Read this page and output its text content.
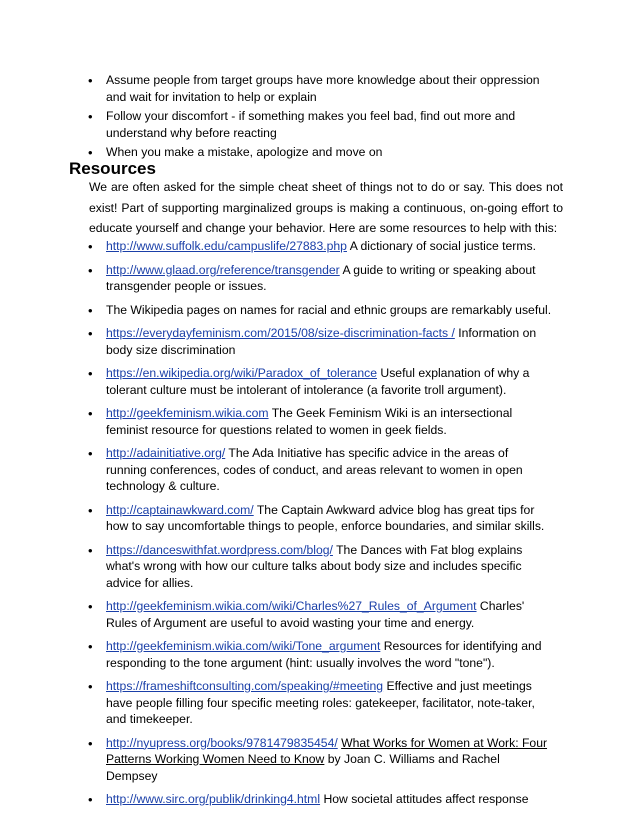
• Assume people from target groups have more knowledge about their oppression and wait for invitation to help or explain
• Follow your discomfort - if something makes you feel bad, find out more and understand why before reacting
• When you make a mistake, apologize and move on
Resources
We are often asked for the simple cheat sheet of things not to do or say. This does not exist! Part of supporting marginalized groups is making a continuous, on-going effort to educate yourself and change your behavior. Here are some resources to help with this:
• http://www.suffolk.edu/campuslife/27883.php A dictionary of social justice terms.
• http://www.glaad.org/reference/transgender A guide to writing or speaking about transgender people or issues.
• The Wikipedia pages on names for racial and ethnic groups are remarkably useful.
• https://everydayfeminism.com/2015/08/size-discrimination-facts / Information on body size discrimination
• https://en.wikipedia.org/wiki/Paradox_of_tolerance Useful explanation of why a tolerant culture must be intolerant of intolerance (a favorite troll argument).
• http://geekfeminism.wikia.com The Geek Feminism Wiki is an intersectional feminist resource for questions related to women in geek fields.
• http://adainitiative.org/ The Ada Initiative has specific advice in the areas of running conferences, codes of conduct, and areas relevant to women in open technology & culture.
• http://captainawkward.com/ The Captain Awkward advice blog has great tips for how to say uncomfortable things to people, enforce boundaries, and similar skills.
• https://danceswithfat.wordpress.com/blog/ The Dances with Fat blog explains what's wrong with how our culture talks about body size and includes specific advice for allies.
• http://geekfeminism.wikia.com/wiki/Charles%27_Rules_of_Argument Charles' Rules of Argument are useful to avoid wasting your time and energy.
• http://geekfeminism.wikia.com/wiki/Tone_argument Resources for identifying and responding to the tone argument (hint: usually involves the word "tone").
• https://frameshiftconsulting.com/speaking/#meeting Effective and just meetings have people filling four specific meeting roles: gatekeeper, facilitator, note-taker, and timekeeper.
• http://nyupress.org/books/9781479835454/ What Works for Women at Work: Four Patterns Working Women Need to Know by Joan C. Williams and Rachel Dempsey
• http://www.sirc.org/publik/drinking4.html How societal attitudes affect response
